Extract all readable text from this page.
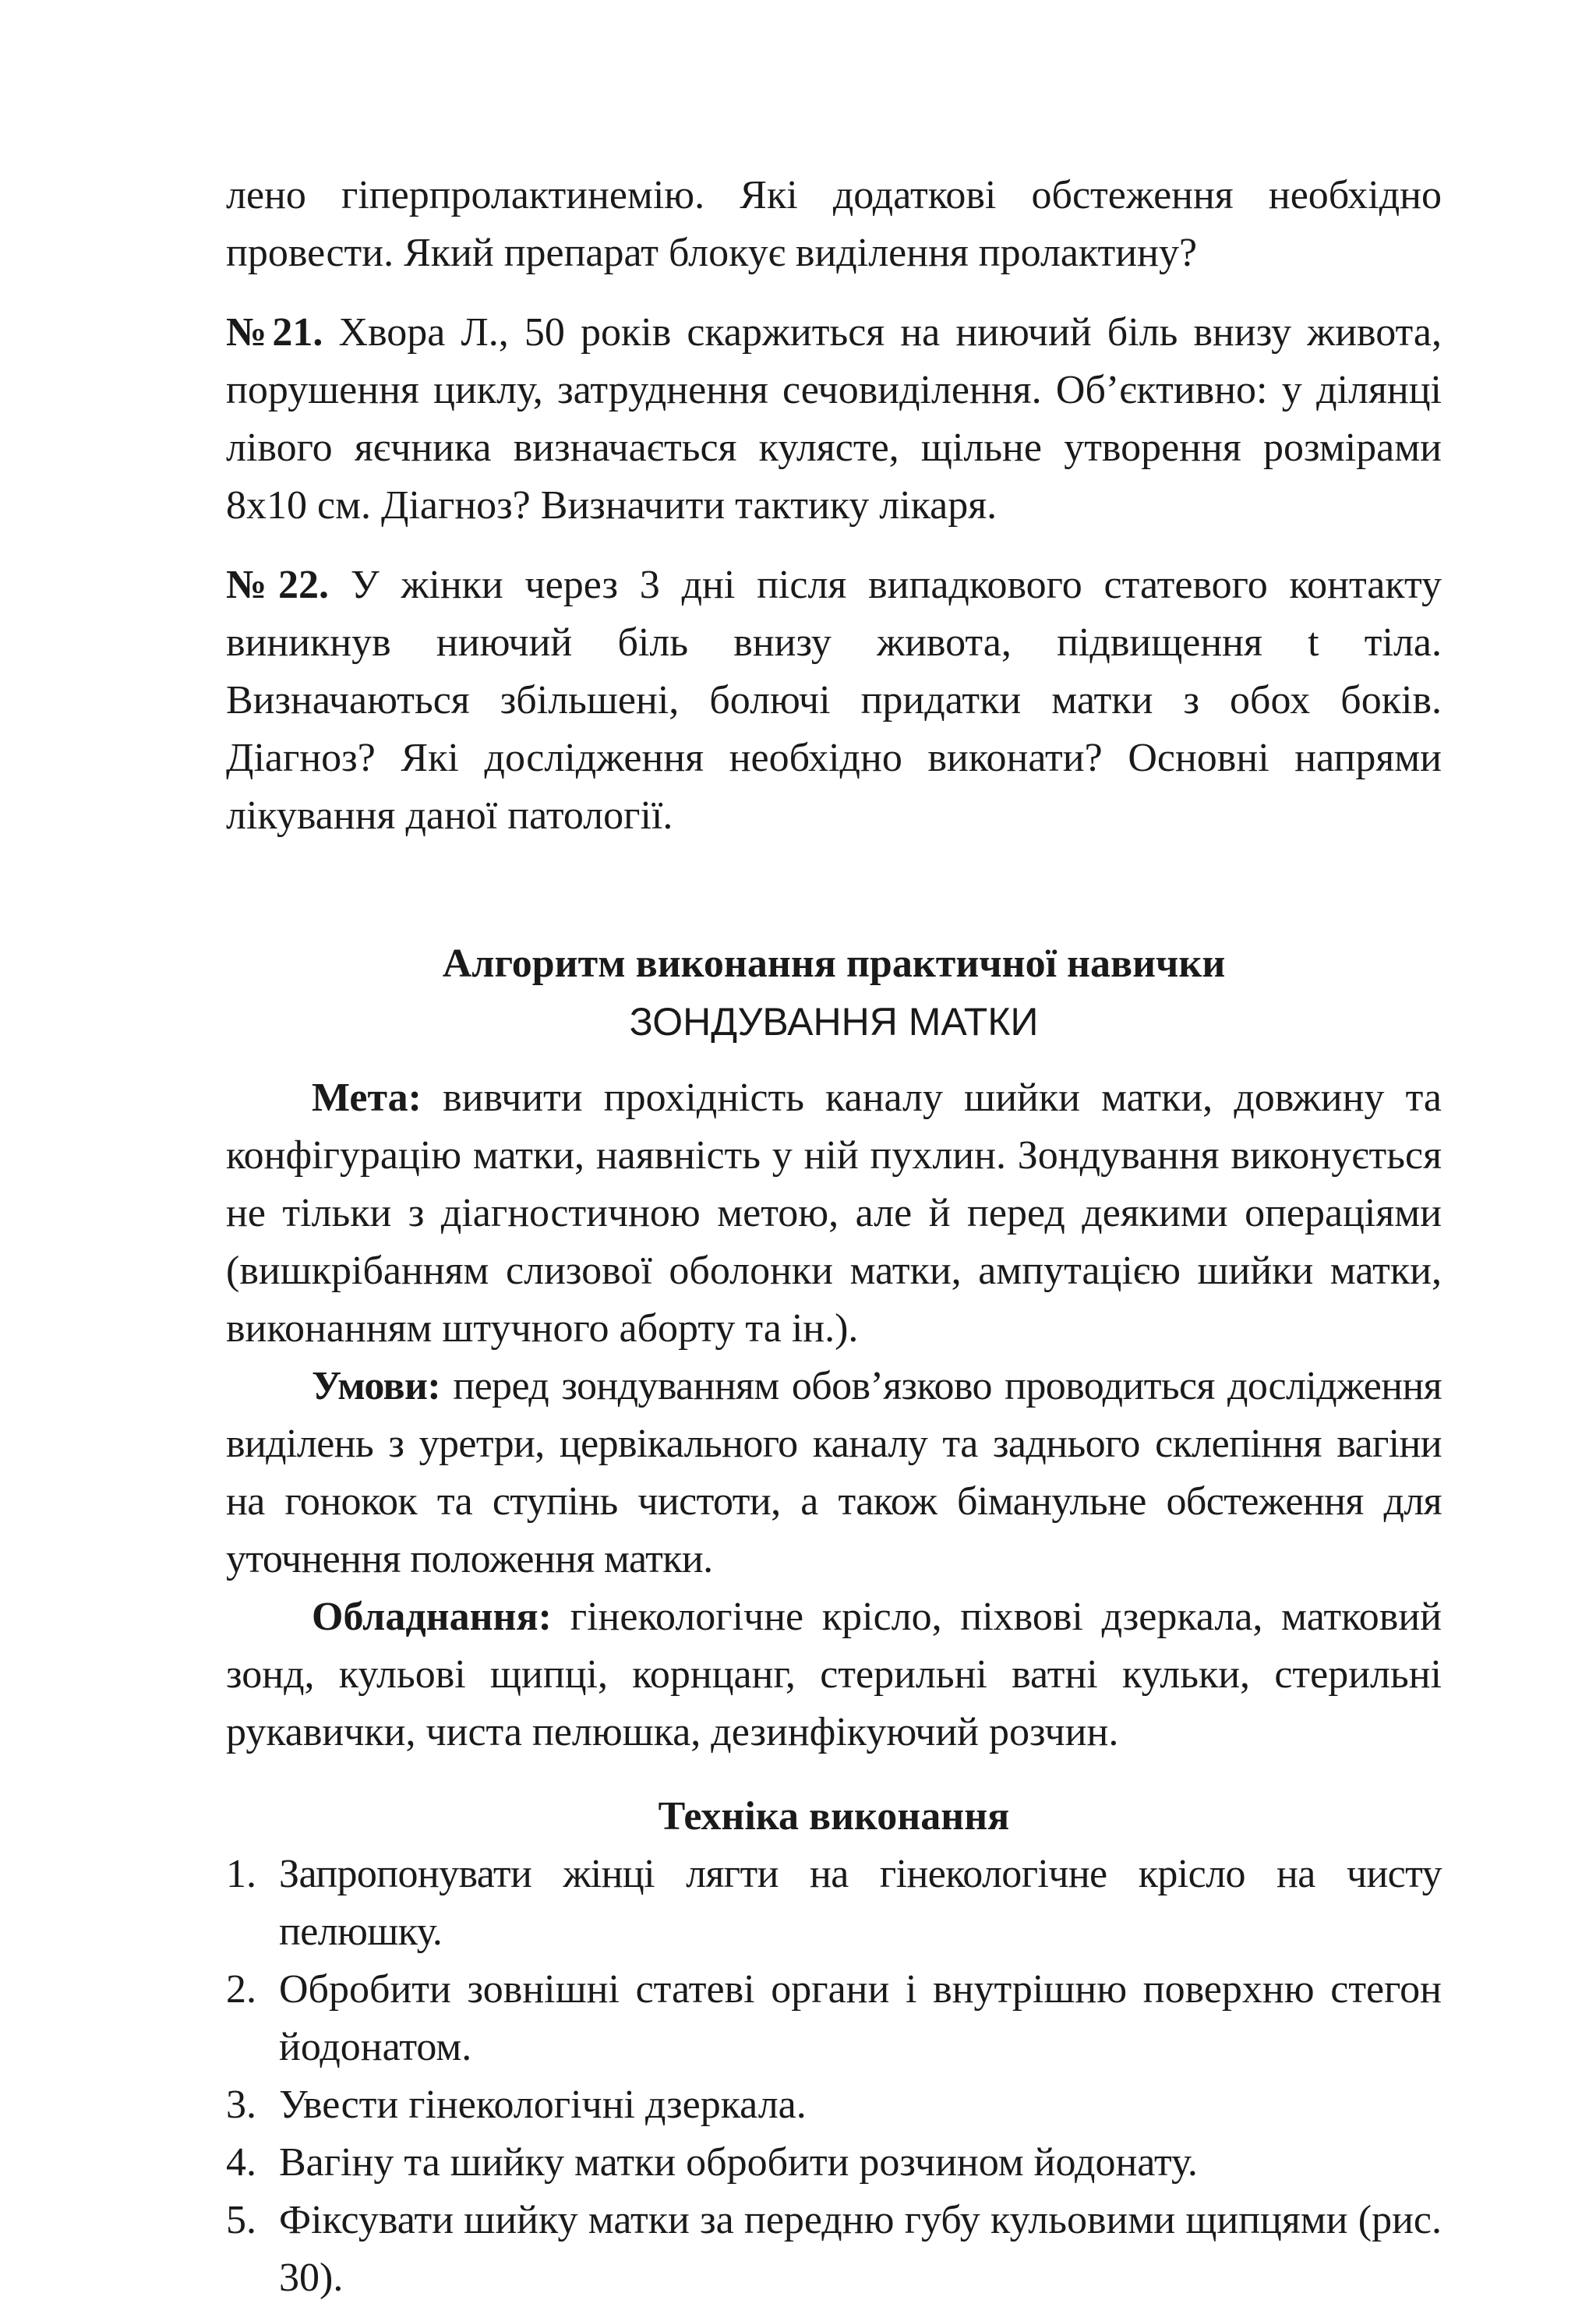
лено гіперпролактинемію. Які додаткові обстеження необхідно провести. Який препарат блокує виділення пролактину?

№21. Хвора Л., 50 років скаржиться на ниючий біль внизу живота, порушення циклу, затруднення сечовиділення. Об’єктивно: у ділянці лівого яєчника визначається кулясте, щільне утворення розмірами 8х10 см. Діагноз? Визначити тактику лікаря.

№22. У жінки через 3 дні після випадкового статевого контакту виникнув ниючий біль внизу живота, підвищення t тіла. Визначаються збільшені, болючі придатки матки з обох боків. Діагноз? Які дослідження необхідно виконати? Основні напрями лікування даної патології.

Алгоритм виконання практичної навички

ЗОНДУВАННЯ МАТКИ

Мета: вивчити прохідність каналу шийки матки, довжину та конфігурацію матки, наявність у ній пухлин. Зондування виконується не тільки з діагностичною метою, але й перед деякими операціями (вишкрібанням слизової оболонки матки, ампутацією шийки матки, виконанням штучного аборту та ін.).

Умови: перед зондуванням обов’язково проводиться дослідження виділень з уретри, цервікального каналу та заднього склепіння вагіни на гонокок та ступінь чистоти, а також біманульне обстеження для уточнення положення матки.

Обладнання: гінекологічне крісло, піхвові дзеркала, матковий зонд, кульові щипці, корнцанг, стерильні ватні кульки, стерильні рукавички, чиста пелюшка, дезинфікуючий розчин.

Техніка виконання

1. Запропонувати жінці лягти на гінекологічне крісло на чисту пелюшку.
2. Обробити зовнішні статеві органи і внутрішню поверхню стегон йодонатом.
3. Увести гінекологічні дзеркала.
4. Вагіну та шийку матки обробити розчином йодонату.
5. Фіксувати шийку матки за передню губу кульовими щипцями (рис. 30).
